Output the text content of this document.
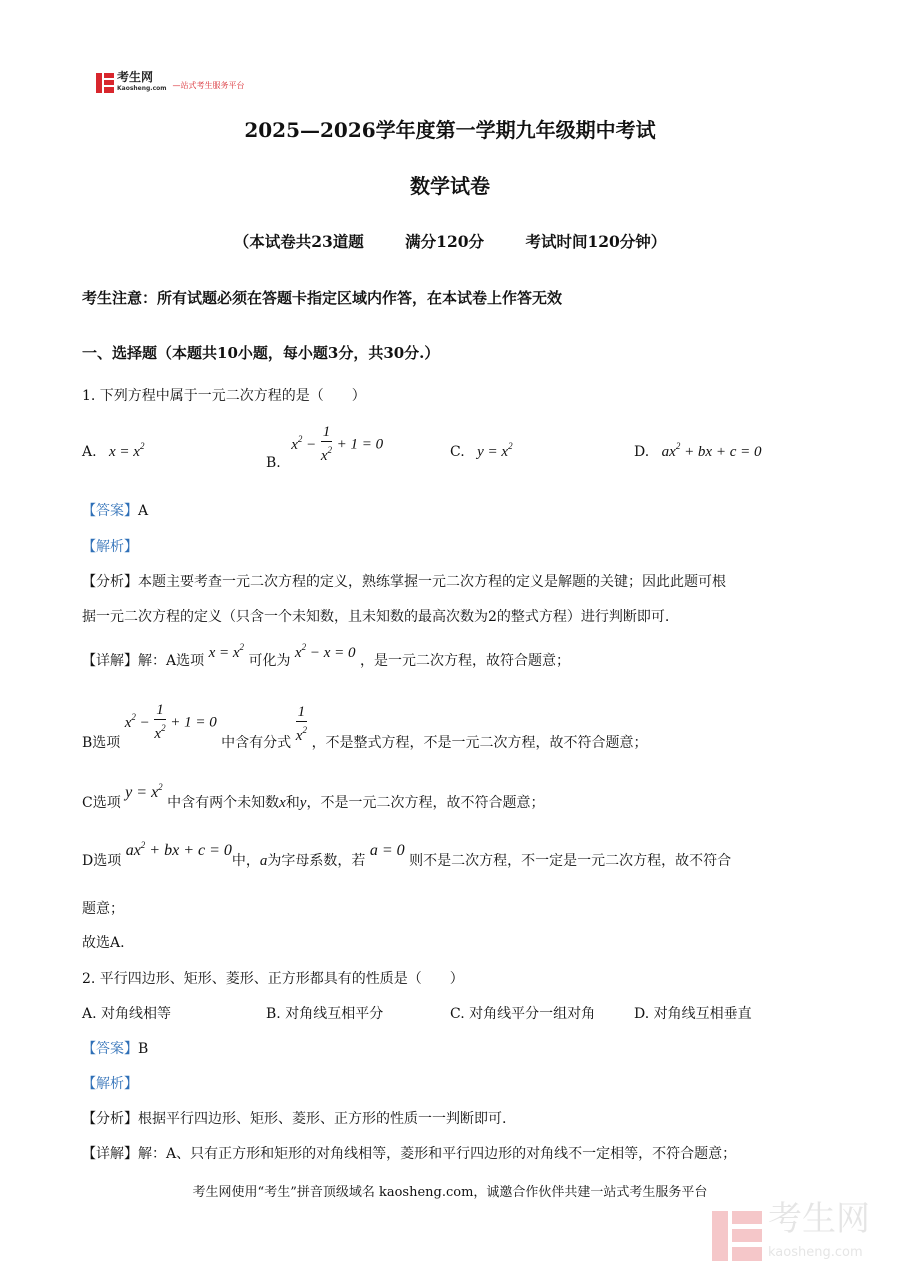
考生网
Kaosheng.com —站式考生服务平台
2025—2026学年度第一学期九年级期中考试
数学试卷
（本试卷共23道题	满分120分	考试时间120分钟）
考生注意：所有试题必须在答题卡指定区域内作答，在本试卷上作答无效
一、选择题（本题共10小题，每小题3分，共30分.）
1. 下列方程中属于一元二次方程的是（　　）
A. $x = x^2$
B. $x^2 - \frac{1}{x^2} + 1 = 0$	C. $y = x^2$	D. $ax^2$ + bx + c = 0
【答案】A
【解析】
【分析】本题主要考查一元二次方程的定义，熟练掌握一元二次方程的定义是解题的关键；因此此题可根
据一元二次方程的定义（只含一个未知数，且未知数的最高次数为2的整式方程）进行判断即可.
【详解】解：A选项 $x = x^2$ 可化为 $x^2 - x = 0$ ，是一元二次方程，故符合题意；
B选项 $x^2 - \frac{1}{x^2} + 1 = 0$ 中含有分式 $\frac{1}{x^2}$ ，不是整式方程，不是一元二次方程，故不符合题意；
C选项 $y = x^2$ 中含有两个未知数x和y，不是一元二次方程，故不符合题意；
D选项 $ax^2$ + bx + c = 0中，a为字母系数，若 a = 0 则不是二次方程，不一定是一元二次方程，故不符合
题意；
故选A.
2. 平行四边形、矩形、菱形、正方形都具有的性质是（　　）
A. 对角线相等	B. 对角线互相平分	C. 对角线平分一组对角	D. 对角线互相垂直
【答案】B
【解析】
【分析】根据平行四边形、矩形、菱形、正方形的性质一一判断即可.
【详解】解：A、只有正方形和矩形的对角线相等，菱形和平行四边形的对角线不一定相等，不符合题意；
考生网使用“考生”拼音顶级域名 kaosheng.com，诚邀合作伙伴共建一站式考生服务平台
考生网
kaosheng.com
